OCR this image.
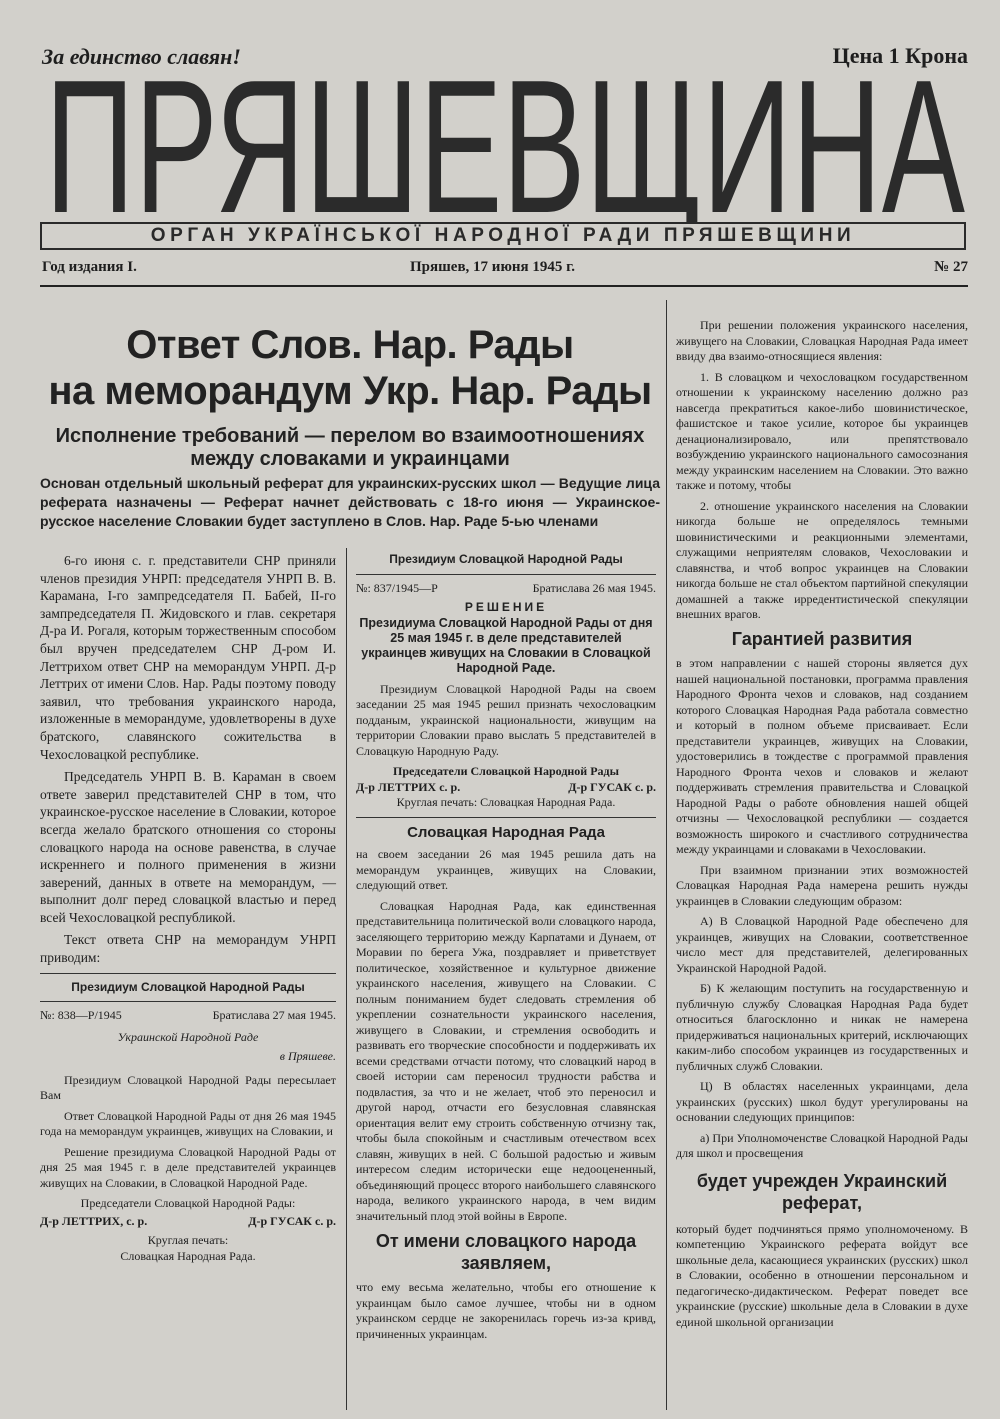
За единство славян!	Цена 1 Крона
ПРЯШЕВЩИНА
ОРГАН УКРАЇНСЬКОЇ НАРОДНОЇ РАДИ ПРЯШЕВЩИНИ
Год издания I.	Пряшев, 17 июня 1945 г.	№ 27
Ответ Слов. Нар. Рады
на меморандум Укр. Нар. Рады
Исполнение требований — перелом во взаимоотношениях между словаками и украинцами
Основан отдельный школьный реферат для украинских-русских школ — Ведущие лица реферата назначены — Реферат начнет действовать с 18-го июня — Украинское-русское население Словакии будет заступлено в Слов. Нар. Раде 5-ью членами

6-го июня с. г. представители СНР приняли членов президия УНРП: председателя УНРП В. В. Карамана, I-го зампредседателя П. Бабей, II-го зампредседателя П. Жидовского и глав. секретаря Д-ра И. Рогаля, которым торжественным способом был вручен председателем СНР Д-ром И. Леттрихом ответ СНР на меморандум УНРП. Д-р Леттрих от имени Слов. Нар. Рады поэтому поводу заявил, что требования украинского народа, изложенные в меморандуме, удовлетворены в духе братского, славянского сожительства в Чехословацкой республике.

Председатель УНРП В. В. Караман в своем ответе заверил представителей СНР в том, что украинское-русское население в Словакии, которое всегда желало братского отношения со стороны словацкого народа на основе равенства, в случае искреннего и полного применения в жизни заверений, данных в ответе на меморандум, — выполнит долг перед словацкой властью и перед всей Чехословацкой республикой.

Текст ответа СНР на меморандум УНРП приводим:

Президиум Словацкой Народной Рады
№: 838—Р/1945	Братислава 27 мая 1945.
Украинской Народной Раде
в Пряшеве.

Президиум Словацкой Народной Рады пересылает Вам

Ответ Словацкой Народной Рады от дня 26 мая 1945 года на меморандум украинцев, живущих на Словакии, и

Решение президиума Словацкой Народной Рады от дня 25 мая 1945 г. в деле представителей украинцев живущих на Словакии, в Словацкой Народной Раде.

Председатели Словацкой Народной Рады:
Д-р ЛЕТТРИХ, с. р.	Д-р ГУСАК с. р.
Круглая печать:
Словацкая Народная Рада.
Президиум Словацкой Народной Рады
№: 837/1945—Р	Братислава 26 мая 1945.
РЕШЕНИЕ
Президиума Словацкой Народной Рады от дня 25 мая 1945 г. в деле представителей украинцев живущих на Словакии в Словацкой Народной Раде.

Президиум Словацкой Народной Рады на своем заседании 25 мая 1945 решил признать чехословацким подданым, украинской национальности, живущим на территории Словакии право выслать 5 представителей в Словацкую Народную Раду.

Председатели Словацкой Народной Рады
Д-р ЛЕТТРИХ с. р.	Д-р ГУСАК с. р.
Круглая печать: Словацкая Народная Рада.
Словацкая Народная Рада

на своем заседании 26 мая 1945 решила дать на меморандум украинцев, живущих на Словакии, следующий ответ.

Словацкая Народная Рада, как единственная представительница политической воли словацкого народа, заселяющего территорию между Карпатами и Дунаем, от Моравии по берега Ужа, поздравляет и приветствует политическое, хозяйственное и культурное движение украинского населения, живущего на Словакии. С полным пониманием будет следовать стремления об укреплении сознательности украинского населения, живущего в Словакии, и стремления освободить и развивать его творческие способности и поддерживать их всеми средствами отчасти потому, что словацкий народ в своей истории сам переносил трудности рабства и подвластия, за что и не желает, чтоб это переносил и другой народ, отчасти его безусловная славянская ориентация велит ему строить собственную отчизну так, чтобы была спокойным и счастливым отечеством всех славян, живущих в ней. С большой радостью и живым интересом следим исторически еще недооцененный, объединяющий процесс второго наибольшего славянского народа, великого украинского народа, в чем видим значительный плод этой войны в Европе.

От имени словацкого народа заявляем,

что ему весьма желательно, чтобы его отношение к украинцам было самое лучшее, чтобы ни в одном украинском сердце не закоренилась горечь из-за кривд, причиненных украинцам.

При решении положения украинского населения, живущего на Словакии, Словацкая Народная Рада имеет ввиду два взаимо-относящиеся явления:

1. В словацком и чехословацком государственном отношении к украинскому населению должно раз навсегда прекратиться какое-либо шовинистическое, фашистское и такое усилие, которое бы украинцев денационализировало, или препятствовало возбуждению украинского национального самосознания между украинским населением на Словакии. Это важно также и потому, чтобы

2. отношение украинского населения на Словакии никогда больше не определялось темными шовинистическими и реакционными элементами, служащими неприятелям словаков, Чехословакии и славянства, и чтоб вопрос украинцев на Словакии никогда больше не стал объектом партийной спекуляции домашней а также ирредентистической спекуляции внешних врагов.

Гарантией развития

в этом направлении с нашей стороны является дух нашей национальной постановки, программа правления Народного Фронта чехов и словаков, над созданием которого Словацкая Народная Рада работала совместно и который в полном объеме присваивает. Если представители украинцев, живущих на Словакии, удостоверились в тождестве с программой правления Народного Фронта чехов и словаков и желают поддерживать стремления правительства и Словацкой Народной Рады о работе обновления нашей общей отчизны — Чехословацкой республики — создается возможность широкого и счастливого сотрудничества между украинцами и словаками в Чехословакии.

При взаимном признании этих возможностей Словацкая Народная Рада намерена решить нужды украинцев в Словакии следующим образом:

А) В Словацкой Народной Раде обеспечено для украинцев, живущих на Словакии, соответственное число мест для представителей, делегированных Украинской Народной Радой.

Б) К желающим поступить на государственную и публичную службу Словацкая Народная Рада будет относиться благосклонно и никак не намерена придерживаться национальных критерий, исключающих каким-либо способом украинцев из государственных и публичных служб Словакии.

Ц) В областях населенных украинцами, дела украинских (русских) школ будут урегулированы на основании следующих принципов:

а) При Уполномоченстве Словацкой Народной Рады для школ и просвещения

будет учрежден Украинский реферат,

который будет подчиняться прямо уполномоченому. В компетенцию Украинского реферата войдут все школьные дела, касающиеся украинских (русских) школ в Словакии, особенно в отношении персональном и педагогическо-дидактическом. Реферат поведет все украинские (русские) школьные дела в Словакии в духе единой школьной организации
